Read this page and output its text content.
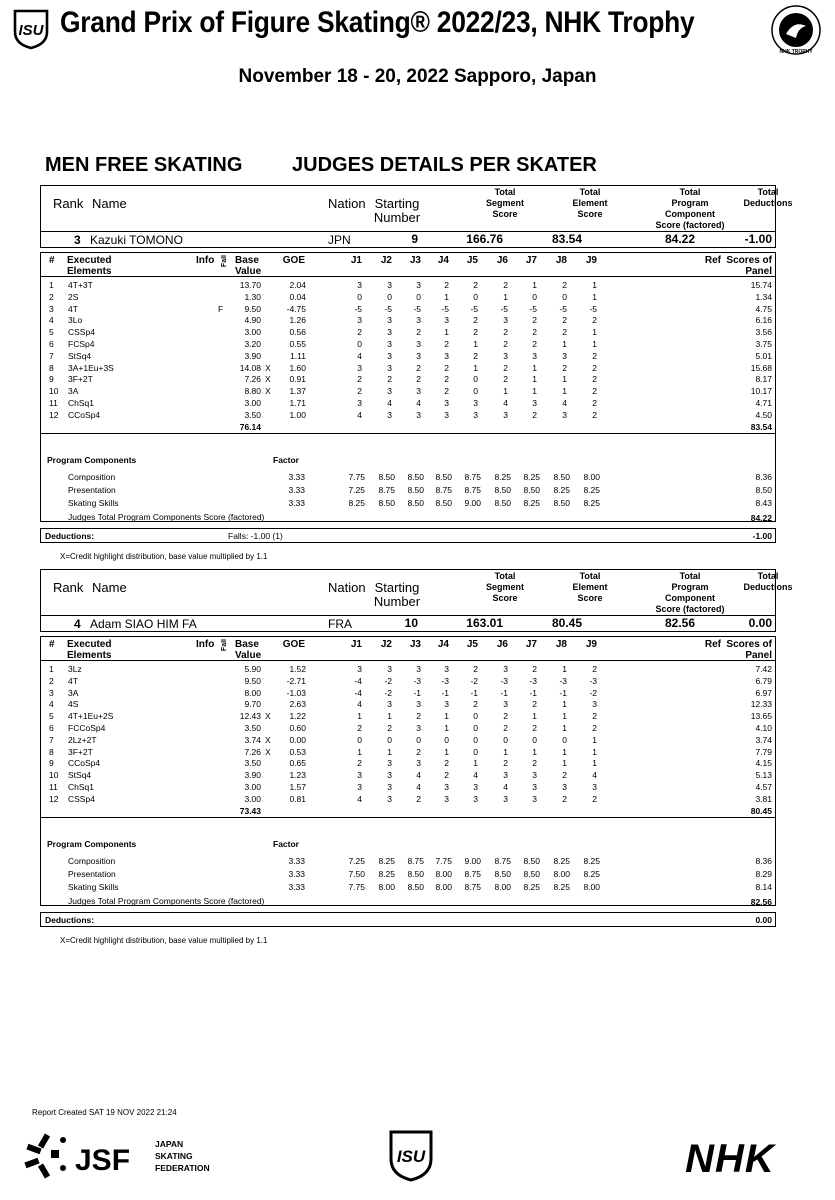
ISU Grand Prix of Figure Skating® 2022/23, NHK Trophy
NHK TROPHY
November 18 - 20, 2022 Sapporo, Japan
MEN FREE SKATING JUDGES DETAILS PER SKATER
Rank Name	Nation Starting
Number
Total
Segment
Score
Total
Element
Score
Total
Program
Component
Score (factored)
Total
Deductions
3 Kazuki TOMONO	JPN	9	166.76	83.54	84.22	-1.00
# Executed
Elements
Info Fall Base
Value
GOE	J1	J2	J3	J4	J5	J6	J7	J8	J9	Ref Scores of
Panel
1 4T+3T	13.70	2.04	3	3	3	2	2	2	1	2	1	15.74
2 2S	1.30	0.04	0	0	0	1	0	1	0	0	1	1.34
3 4T	F	9.50	-4.75	-5	-5	-5	-5	-5	-5	-5	-5	-5	4.75
4 3Lo	4.90	1.26	3	3	3	3	2	3	2	2	2	6.16
5 CSSp4	3.00	0.56	2	3	2	1	2	2	2	2	1	3.56
6 FCSp4	3.20	0.55	0	3	3	2	1	2	2	1	1	3.75
7 StSq4	3.90	1.11	4	3	3	3	2	3	3	3	2	5.01
8 3A+1Eu+3S	14.08 X	1.60	3	3	2	2	1	2	1	2	2	15.68
9 3F+2T	7.26 X	0.91	2	2	2	2	0	2	1	1	2	8.17
10 3A	8.80 X	1.37	2	3	3	2	0	1	1	1	2	10.17
11 ChSq1	3.00	1.71	3	4	4	3	3	4	3	4	2	4.71
12 CCoSp4	3.50	1.00	4	3	3	3	3	3	2	3	2	4.50
76.14	83.54
Program Components	Factor
Composition	3.33	7.75	8.50	8.50	8.50	8.75	8.25	8.25	8.50	8.00	8.36
Presentation	3.33	7.25	8.75	8.50	8.75	8.75	8.50	8.50	8.25	8.25	8.50
Skating Skills	3.33	8.25	8.50	8.50	8.50	9.00	8.50	8.25	8.50	8.25	8.43
Judges Total Program Components Score (factored)	84.22
Deductions:	Falls: -1.00 (1)	-1.00
X=Credit highlight distribution, base value multiplied by 1.1
Rank Name	Nation Starting
Number
Total
Segment
Score
Total
Element
Score
Total
Program
Component
Score (factored)
Total
Deductions
4 Adam SIAO HIM FA	FRA	10	163.01	80.45	82.56	0.00
# Executed
Elements
Info Fall Base
Value
GOE	J1	J2	J3	J4	J5	J6	J7	J8	J9	Ref Scores of
Panel
1 3Lz	5.90	1.52	3	3	3	3	2	3	2	1	2	7.42
2 4T	9.50	-2.71	-4	-2	-3	-3	-2	-3	-3	-3	-3	6.79
3 3A	8.00	-1.03	-4	-2	-1	-1	-1	-1	-1	-1	-2	6.97
4 4S	9.70	2.63	4	3	3	3	2	3	2	1	3	12.33
5 4T+1Eu+2S	12.43 X	1.22	1	1	2	1	0	2	1	1	2	13.65
6 FCCoSp4	3.50	0.60	2	2	3	1	0	2	2	1	2	4.10
7 2Lz+2T	3.74 X	0.00	0	0	0	0	0	0	0	0	1	3.74
8 3F+2T	7.26 X	0.53	1	1	2	1	0	1	1	1	1	7.79
9 CCoSp4	3.50	0.65	2	3	3	2	1	2	2	1	1	4.15
10 StSq4	3.90	1.23	3	3	4	2	4	3	3	2	4	5.13
11 ChSq1	3.00	1.57	3	3	4	3	3	4	3	3	3	4.57
12 CSSp4	3.00	0.81	4	3	2	3	3	3	3	2	2	3.81
73.43	80.45
Program Components	Factor
Composition	3.33	7.25	8.25	8.75	7.75	9.00	8.75	8.50	8.25	8.25	8.36
Presentation	3.33	7.50	8.25	8.50	8.00	8.75	8.50	8.50	8.00	8.25	8.29
Skating Skills	3.33	7.75	8.00	8.50	8.00	8.75	8.00	8.25	8.25	8.00	8.14
Judges Total Program Components Score (factored)	82.56
Deductions:	0.00
X=Credit highlight distribution, base value multiplied by 1.1
Report Created SAT 19 NOV 2022 21:24
JSF	JAPAN
SKATING
FEDERATION
ISU	NHK
